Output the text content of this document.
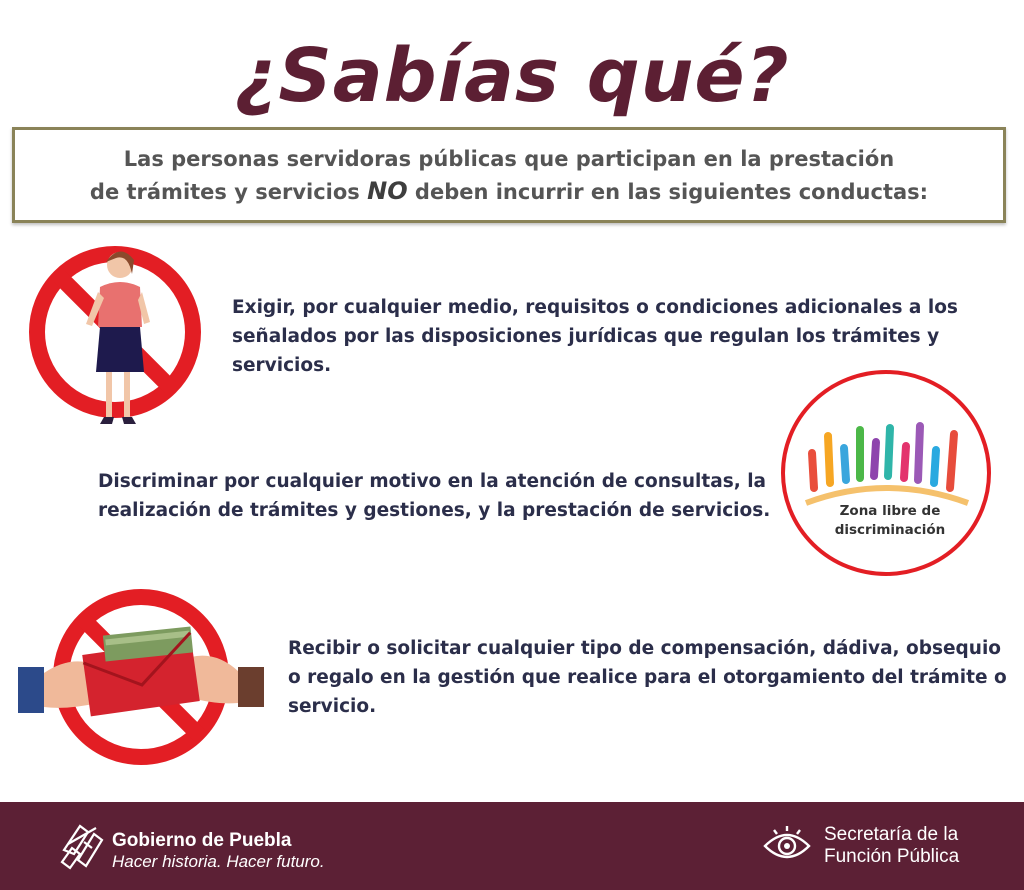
¿Sabías qué?
Las personas servidoras públicas que participan en la prestación
de trámites y servicios NO deben incurrir en las siguientes conductas:
Exigir, por cualquier medio, requisitos o condiciones adicionales a los
señalados por las disposiciones jurídicas que regulan los trámites y
servicios.
Zona libre de
discriminación
Discriminar por cualquier motivo en la atención de consultas, la
realización de trámites y gestiones, y la prestación de servicios.
Recibir o solicitar cualquier tipo de compensación, dádiva, obsequio
o regalo en la gestión que realice para el otorgamiento del trámite o
servicio.
Gobierno de Puebla
Hacer historia. Hacer futuro.
Secretaría de la
Función Pública
